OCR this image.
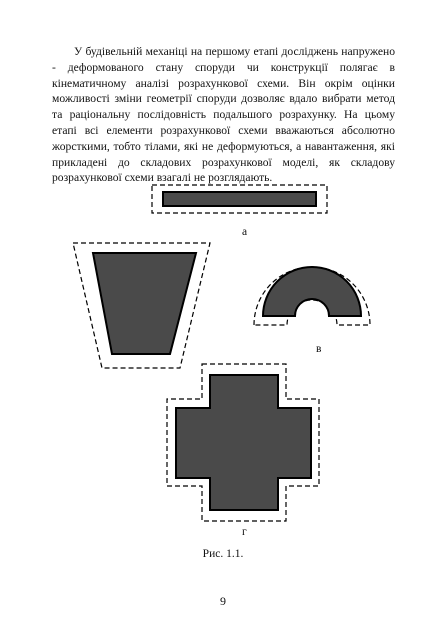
У будівельній механіці на першому етапі досліджень напружено - деформованого стану споруди чи конструкції полягає в кінематичному аналізі розрахункової схеми. Він окрім оцінки можливості зміни геометрії споруди дозволяє вдало вибрати метод та раціональну послідовність подальшого розрахунку. На цьому етапі всі елементи розрахункової схеми вважаються абсолютно жорсткими, тобто тілами, які не деформуються, а навантаження, які прикладені до складових розрахункової моделі, як складову розрахункової схеми взагалі не розглядають.

а
в
г
Рис. 1.1.
9
